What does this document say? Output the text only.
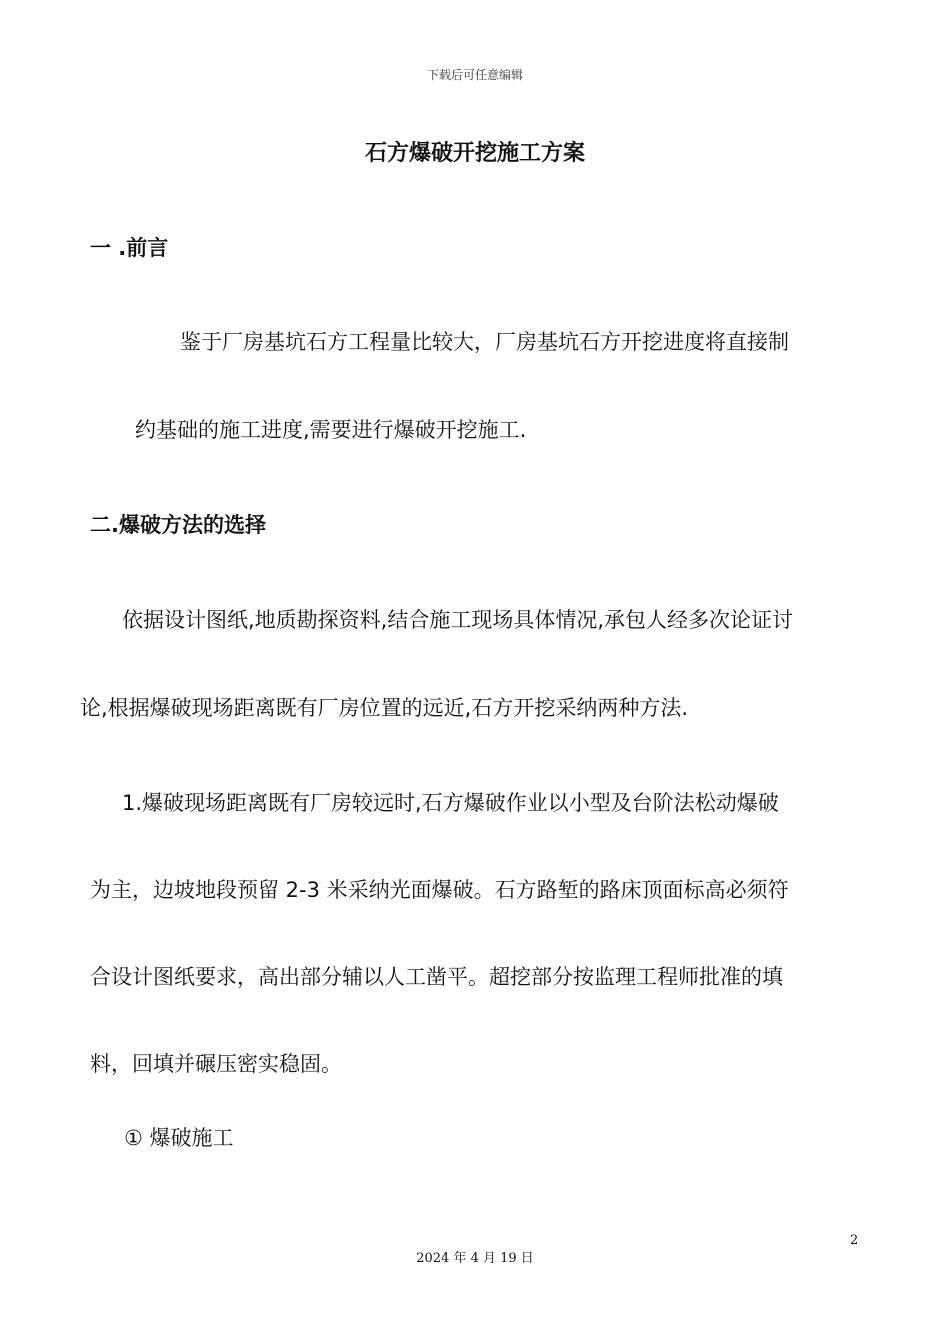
下载后可任意编辑
石方爆破开挖施工方案
一 .前言
鉴于厂房基坑石方工程量比较大，厂房基坑石方开挖进度将直接制
约基础的施工进度,需要进行爆破开挖施工.
二.爆破方法的选择
依据设计图纸,地质勘探资料,结合施工现场具体情况,承包人经多次论证讨
论,根据爆破现场距离既有厂房位置的远近,石方开挖采纳两种方法.
1.爆破现场距离既有厂房较远时,石方爆破作业以小型及台阶法松动爆破
为主，边坡地段预留 2-3 米采纳光面爆破。石方路堑的路床顶面标高必须符
合设计图纸要求，高出部分辅以人工凿平。超挖部分按监理工程师批准的填
料，回填并碾压密实稳固。
① 爆破施工
2
2024 年 4 月 19 日
